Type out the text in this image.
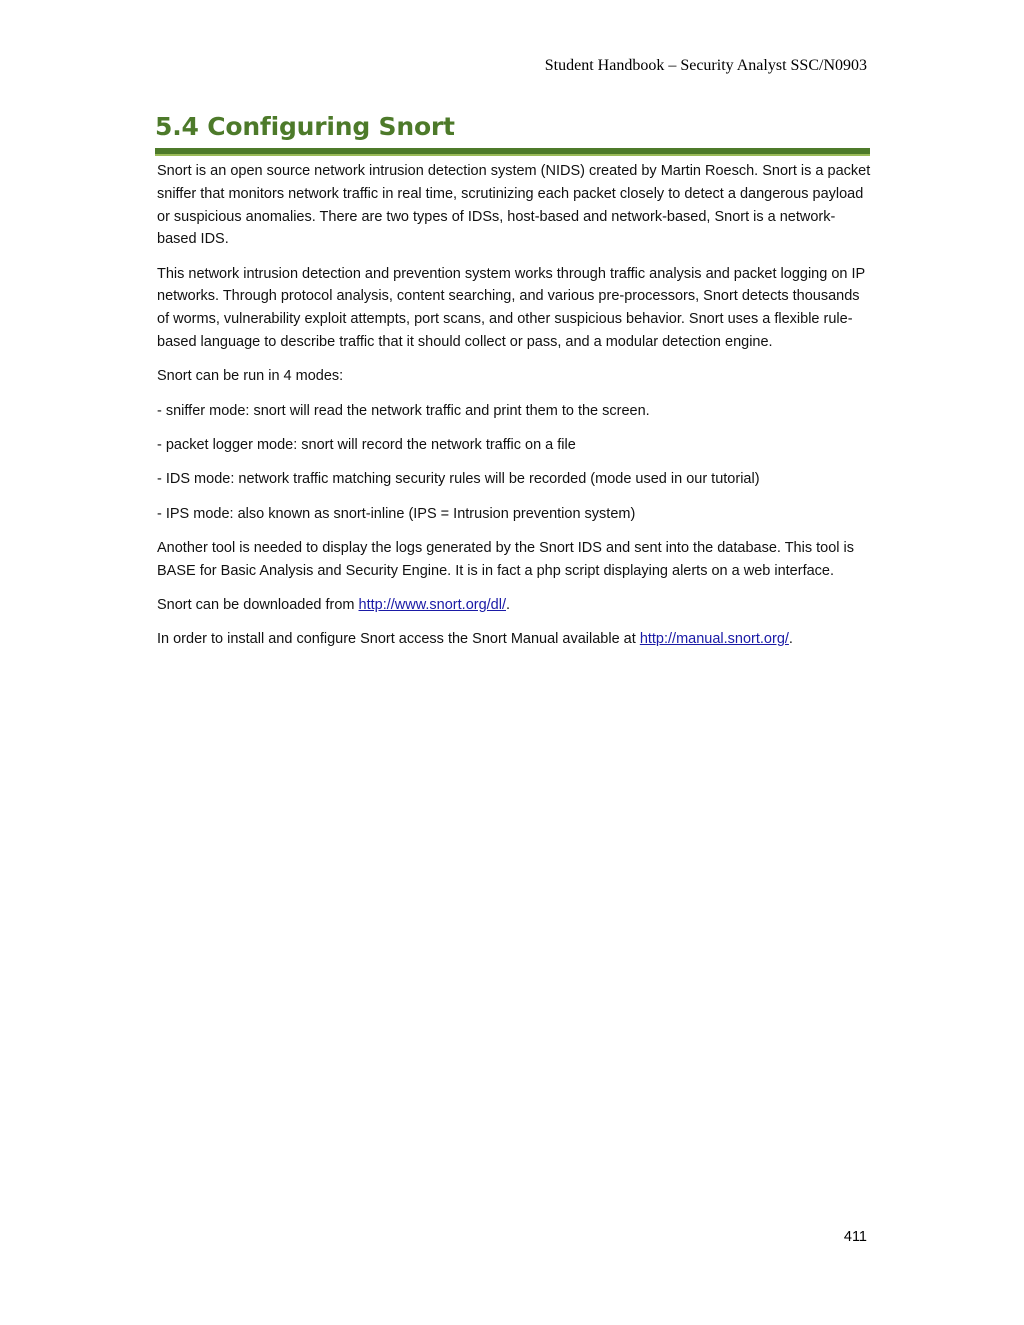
Student Handbook – Security Analyst SSC/N0903
5.4 Configuring Snort

Snort is an open source network intrusion detection system (NIDS) created by Martin Roesch. Snort is a packet sniffer that monitors network traffic in real time, scrutinizing each packet closely to detect a dangerous payload or suspicious anomalies. There are two types of IDSs, host-based and network-based, Snort is a network-based IDS.

This network intrusion detection and prevention system works through traffic analysis and packet logging on IP networks. Through protocol analysis, content searching, and various pre-processors, Snort detects thousands of worms, vulnerability exploit attempts, port scans, and other suspicious behavior. Snort uses a flexible rule-based language to describe traffic that it should collect or pass, and a modular detection engine.

Snort can be run in 4 modes:

- sniffer mode: snort will read the network traffic and print them to the screen.

- packet logger mode: snort will record the network traffic on a file

- IDS mode: network traffic matching security rules will be recorded (mode used in our tutorial)

- IPS mode: also known as snort-inline (IPS = Intrusion prevention system)

Another tool is needed to display the logs generated by the Snort IDS and sent into the database. This tool is BASE for Basic Analysis and Security Engine. It is in fact a php script displaying alerts on a web interface.

Snort can be downloaded from http://www.snort.org/dl/.

In order to install and configure Snort access the Snort Manual available at http://manual.snort.org/.

411
